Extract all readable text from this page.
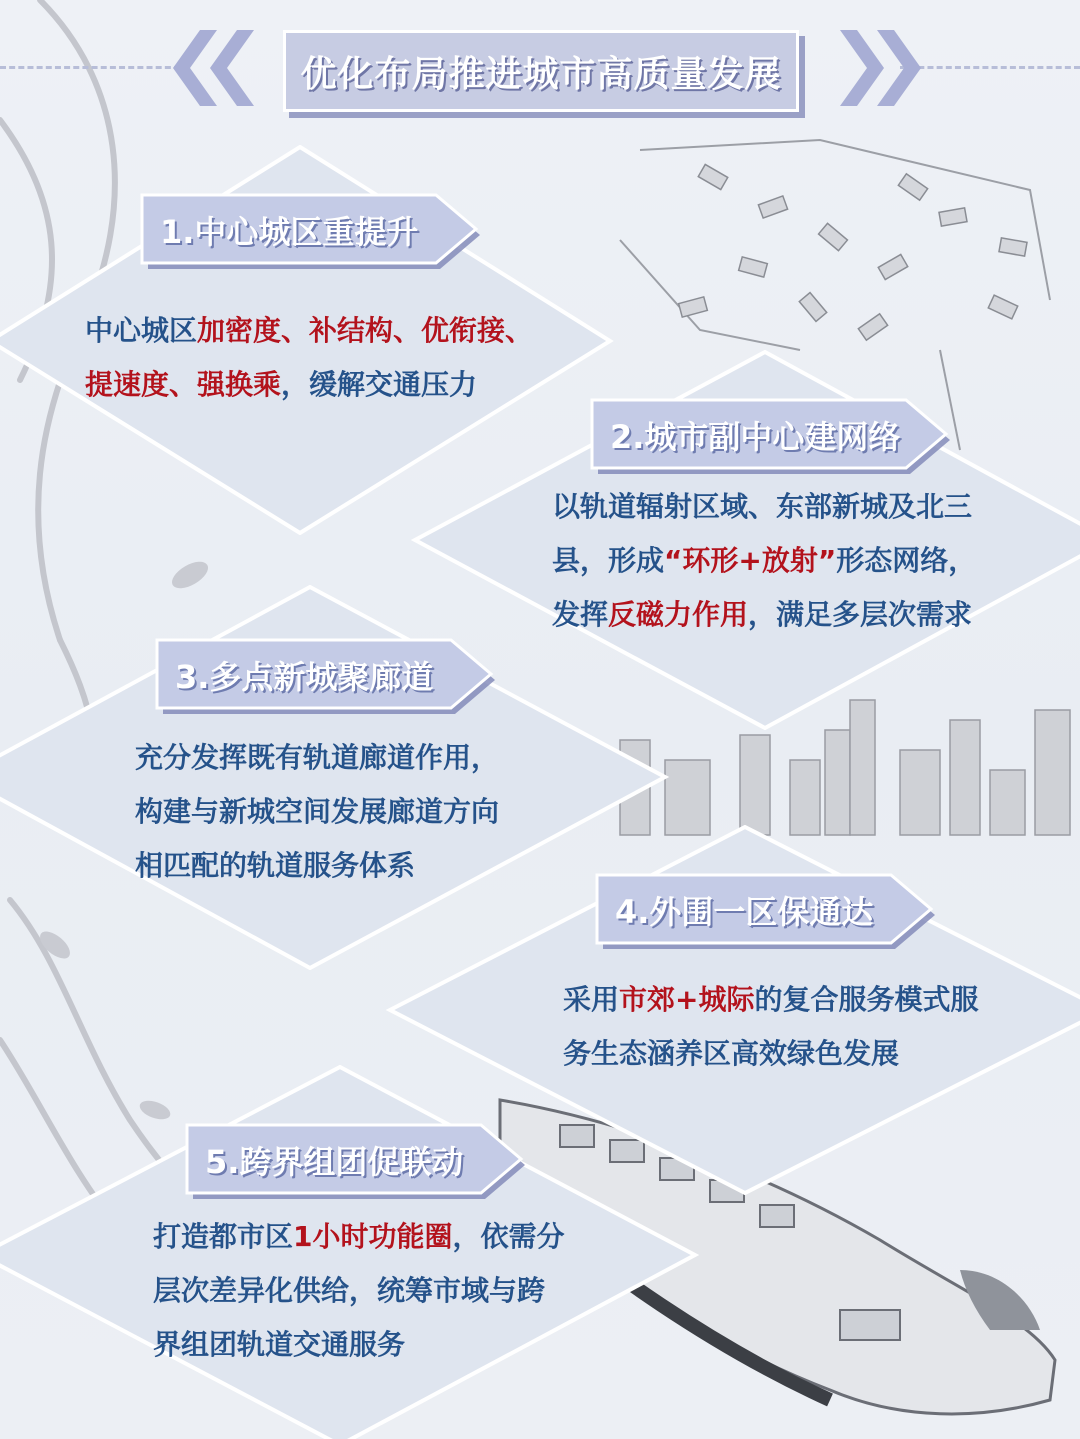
优化布局推进城市高质量发展
1.中心城区重提升
2.城市副中心建网络
3.多点新城聚廊道
4.外围一区保通达
5.跨界组团促联动
中心城区加密度、补结构、优衔接、
提速度、强换乘，缓解交通压力
以轨道辐射区域、东部新城及北三
县，形成“环形+放射”形态网络，
发挥反磁力作用，满足多层次需求
充分发挥既有轨道廊道作用，
构建与新城空间发展廊道方向
相匹配的轨道服务体系
采用市郊+城际的复合服务模式服
务生态涵养区高效绿色发展
打造都市区1小时功能圈，依需分
层次差异化供给，统筹市域与跨
界组团轨道交通服务
